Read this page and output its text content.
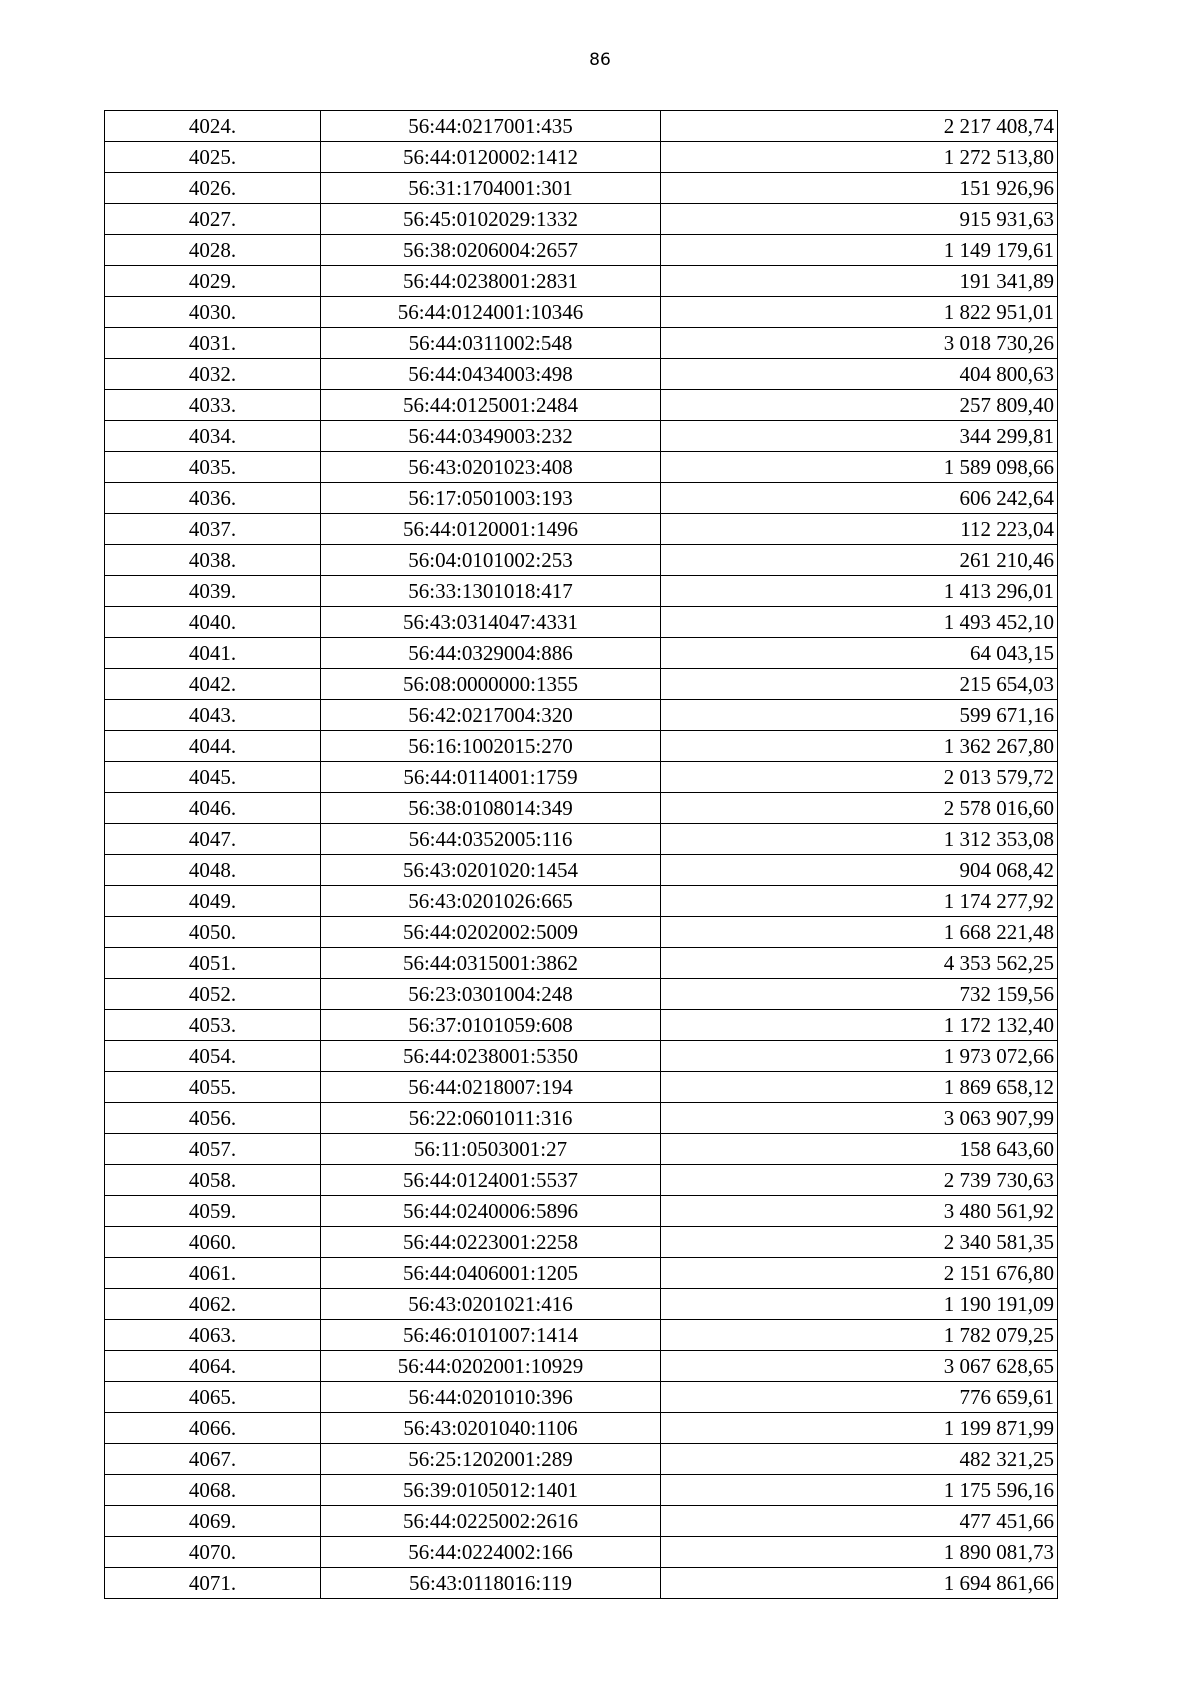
86
4024.	56:44:0217001:435	2 217 408,74
4025.	56:44:0120002:1412	1 272 513,80
4026.	56:31:1704001:301	151 926,96
4027.	56:45:0102029:1332	915 931,63
4028.	56:38:0206004:2657	1 149 179,61
4029.	56:44:0238001:2831	191 341,89
4030.	56:44:0124001:10346	1 822 951,01
4031.	56:44:0311002:548	3 018 730,26
4032.	56:44:0434003:498	404 800,63
4033.	56:44:0125001:2484	257 809,40
4034.	56:44:0349003:232	344 299,81
4035.	56:43:0201023:408	1 589 098,66
4036.	56:17:0501003:193	606 242,64
4037.	56:44:0120001:1496	112 223,04
4038.	56:04:0101002:253	261 210,46
4039.	56:33:1301018:417	1 413 296,01
4040.	56:43:0314047:4331	1 493 452,10
4041.	56:44:0329004:886	64 043,15
4042.	56:08:0000000:1355	215 654,03
4043.	56:42:0217004:320	599 671,16
4044.	56:16:1002015:270	1 362 267,80
4045.	56:44:0114001:1759	2 013 579,72
4046.	56:38:0108014:349	2 578 016,60
4047.	56:44:0352005:116	1 312 353,08
4048.	56:43:0201020:1454	904 068,42
4049.	56:43:0201026:665	1 174 277,92
4050.	56:44:0202002:5009	1 668 221,48
4051.	56:44:0315001:3862	4 353 562,25
4052.	56:23:0301004:248	732 159,56
4053.	56:37:0101059:608	1 172 132,40
4054.	56:44:0238001:5350	1 973 072,66
4055.	56:44:0218007:194	1 869 658,12
4056.	56:22:0601011:316	3 063 907,99
4057.	56:11:0503001:27	158 643,60
4058.	56:44:0124001:5537	2 739 730,63
4059.	56:44:0240006:5896	3 480 561,92
4060.	56:44:0223001:2258	2 340 581,35
4061.	56:44:0406001:1205	2 151 676,80
4062.	56:43:0201021:416	1 190 191,09
4063.	56:46:0101007:1414	1 782 079,25
4064.	56:44:0202001:10929	3 067 628,65
4065.	56:44:0201010:396	776 659,61
4066.	56:43:0201040:1106	1 199 871,99
4067.	56:25:1202001:289	482 321,25
4068.	56:39:0105012:1401	1 175 596,16
4069.	56:44:0225002:2616	477 451,66
4070.	56:44:0224002:166	1 890 081,73
4071.	56:43:0118016:119	1 694 861,66
